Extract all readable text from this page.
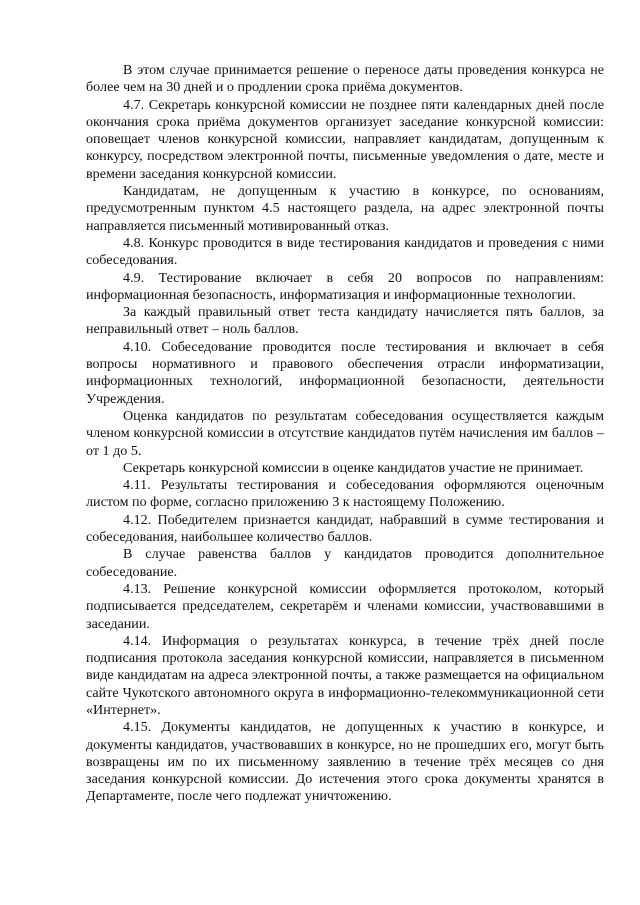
В этом случае принимается решение о переносе даты проведения конкурса не более чем на 30 дней и о продлении срока приёма документов.

4.7. Секретарь конкурсной комиссии не позднее пяти календарных дней после окончания срока приёма документов организует заседание конкурсной комиссии: оповещает членов конкурсной комиссии, направляет кандидатам, допущенным к конкурсу, посредством электронной почты, письменные уведомления о дате, месте и времени заседания конкурсной комиссии.

Кандидатам, не допущенным к участию в конкурсе, по основаниям, предусмотренным пунктом 4.5 настоящего раздела, на адрес электронной почты направляется письменный мотивированный отказ.

4.8. Конкурс проводится в виде тестирования кандидатов и проведения с ними собеседования.

4.9. Тестирование включает в себя 20 вопросов по направлениям: информационная безопасность, информатизация и информационные технологии.

За каждый правильный ответ теста кандидату начисляется пять баллов, за неправильный ответ – ноль баллов.

4.10. Собеседование проводится после тестирования и включает в себя вопросы нормативного и правового обеспечения отрасли информатизации, информационных технологий, информационной безопасности, деятельности Учреждения.

Оценка кандидатов по результатам собеседования осуществляется каждым членом конкурсной комиссии в отсутствие кандидатов путём начисления им баллов – от 1 до 5.

Секретарь конкурсной комиссии в оценке кандидатов участие не принимает.

4.11. Результаты тестирования и собеседования оформляются оценочным листом по форме, согласно приложению 3 к настоящему Положению.

4.12. Победителем признается кандидат, набравший в сумме тестирования и собеседования, наибольшее количество баллов.

В случае равенства баллов у кандидатов проводится дополнительное собеседование.

4.13. Решение конкурсной комиссии оформляется протоколом, который подписывается председателем, секретарём и членами комиссии, участвовавшими в заседании.

4.14. Информация о результатах конкурса, в течение трёх дней после подписания протокола заседания конкурсной комиссии, направляется в письменном виде кандидатам на адреса электронной почты, а также размещается на официальном сайте Чукотского автономного округа в информационно-телекоммуникационной сети «Интернет».

4.15. Документы кандидатов, не допущенных к участию в конкурсе, и документы кандидатов, участвовавших в конкурсе, но не прошедших его, могут быть возвращены им по их письменному заявлению в течение трёх месяцев со дня заседания конкурсной комиссии. До истечения этого срока документы хранятся в Департаменте, после чего подлежат уничтожению.
